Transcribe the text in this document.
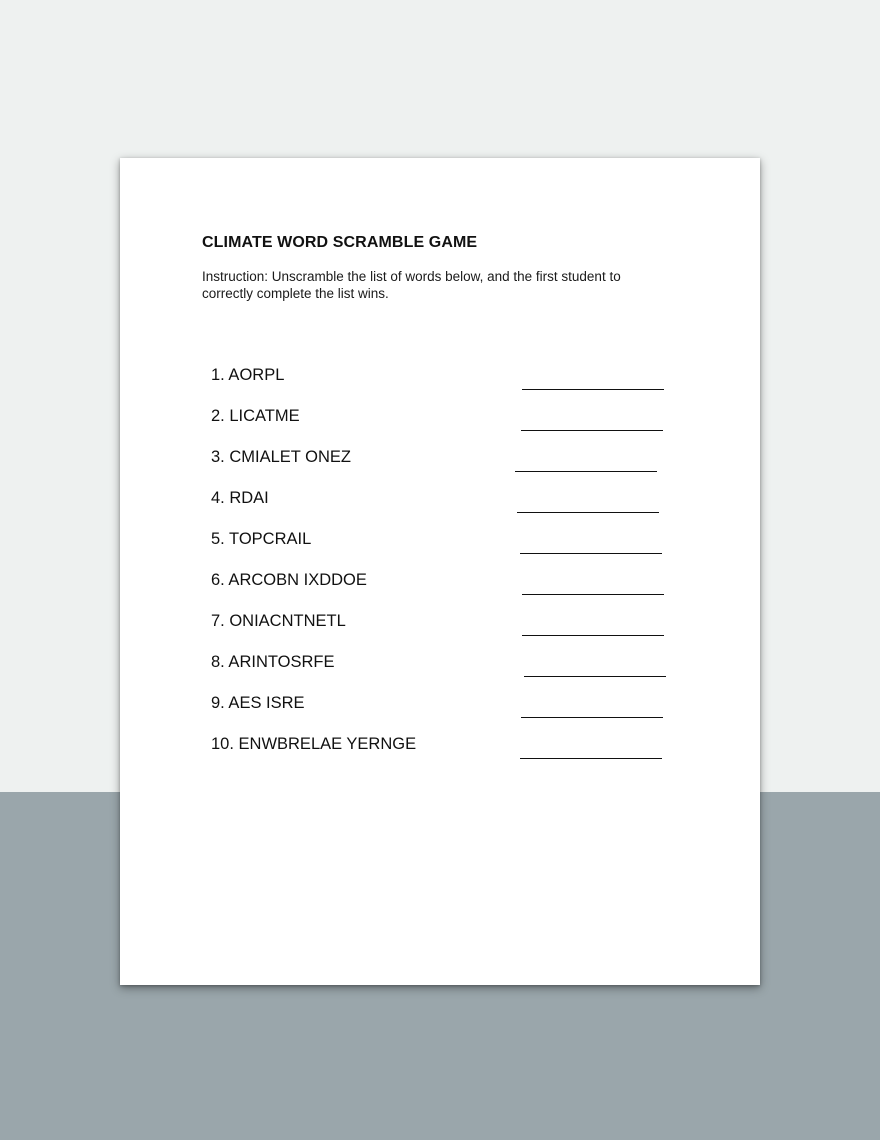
CLIMATE WORD SCRAMBLE GAME
Instruction: Unscramble the list of words below, and the first student to correctly complete the list wins.
1. AORPL
2. LICATME
3. CMIALET ONEZ
4. RDAI
5. TOPCRAIL
6. ARCOBN IXDDOE
7. ONIACNTNETL
8. ARINTOSRFE
9. AES ISRE
10. ENWBRELAE YERNGE
